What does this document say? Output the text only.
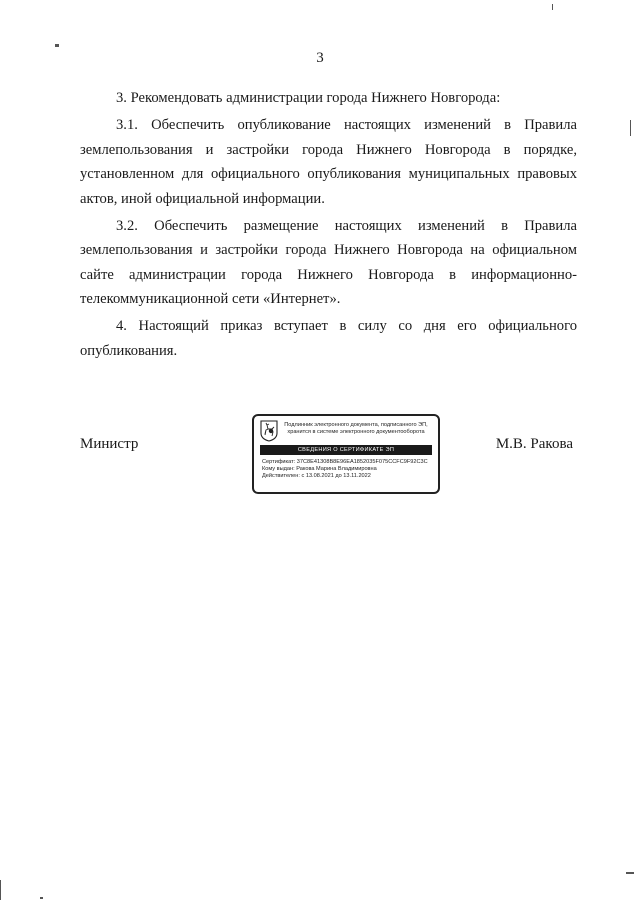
3

3. Рекомендовать администрации города Нижнего Новгорода:

3.1. Обеспечить опубликование настоящих изменений в Правила землепользования и застройки города Нижнего Новгорода в порядке, установленном для официального опубликования муниципальных правовых актов, иной официальной информации.

3.2. Обеспечить размещение настоящих изменений в Правила землепользования и застройки города Нижнего Новгорода на официальном сайте администрации города Нижнего Новгорода в информационно-телекоммуникационной сети «Интернет».

4. Настоящий приказ вступает в силу со дня его официального опубликования.

Министр
Подлинник электронного документа, подписанного ЭП,
хранится в системе электронного документооборота
СВЕДЕНИЯ О СЕРТИФИКАТЕ ЭП
Сертификат: 37C8E41308B8E96EA1852035F075CCFC9F92C3C
Кому выдан: Ракова Марина Владимировна
Действителен: с 13.08.2021 до 13.11.2022
М.В. Ракова
